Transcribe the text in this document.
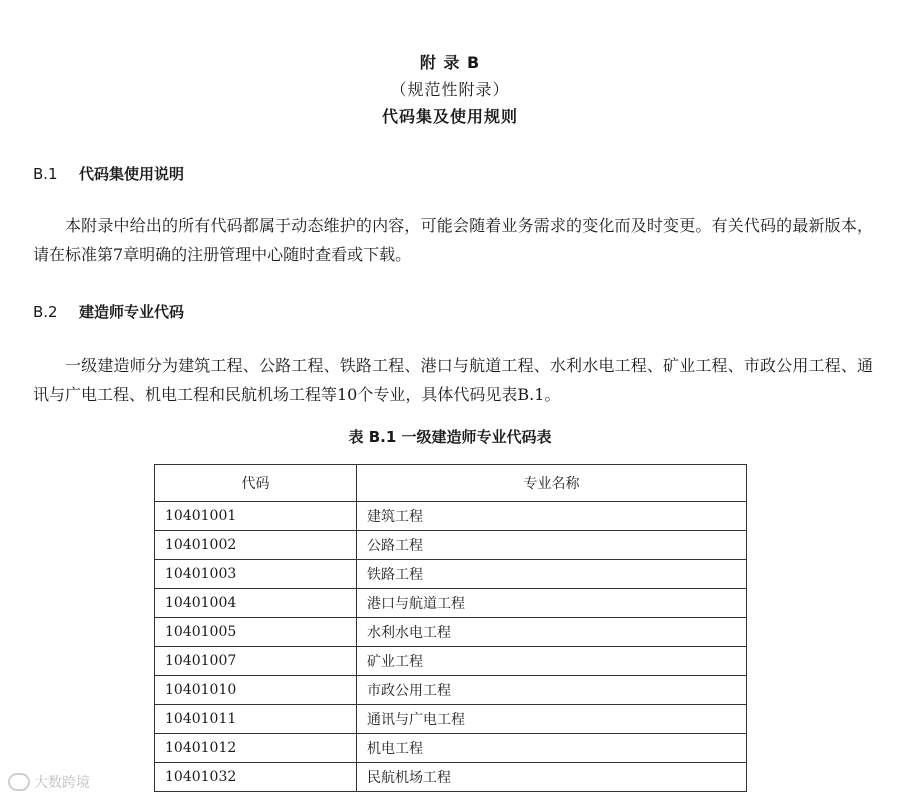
附 录 B
（规范性附录）
代码集及使用规则
B.1 代码集使用说明
本附录中给出的所有代码都属于动态维护的内容，可能会随着业务需求的变化而及时变更。有关代码的最新版本，请在标准第7章明确的注册管理中心随时查看或下载。
B.2 建造师专业代码
一级建造师分为建筑工程、公路工程、铁路工程、港口与航道工程、水利水电工程、矿业工程、市政公用工程、通讯与广电工程、机电工程和民航机场工程等10个专业，具体代码见表B.1。
表 B.1 一级建造师专业代码表
代码	专业名称
10401001	建筑工程
10401002	公路工程
10401003	铁路工程
10401004	港口与航道工程
10401005	水利水电工程
10401007	矿业工程
10401010	市政公用工程
10401011	通讯与广电工程
10401012	机电工程
10401032	民航机场工程
大数跨境
